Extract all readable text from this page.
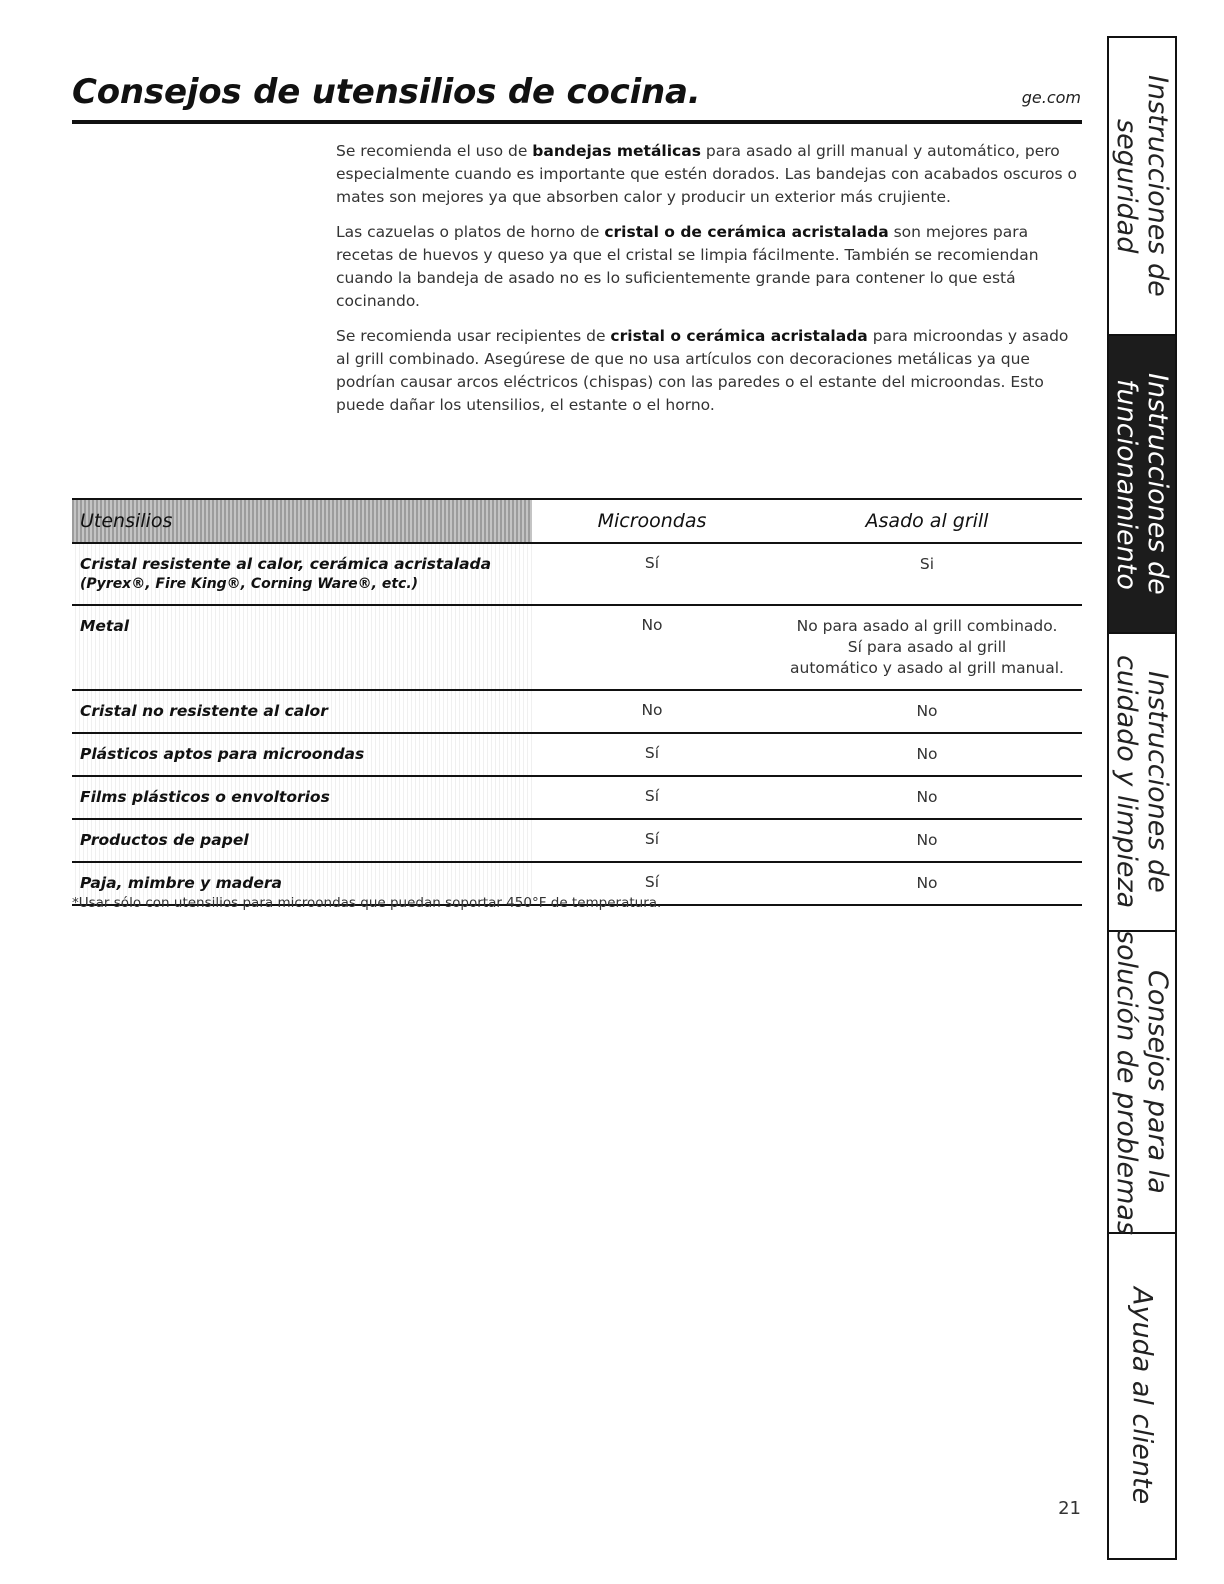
Consejos de utensilios de cocina.	ge.com

Se recomienda el uso de bandejas metálicas para asado al grill manual y automático, pero especialmente cuando es importante que estén dorados. Las bandejas con acabados oscuros o mates son mejores ya que absorben calor y producir un exterior más crujiente.

Las cazuelas o platos de horno de cristal o de cerámica acristalada son mejores para recetas de huevos y queso ya que el cristal se limpia fácilmente. También se recomiendan cuando la bandeja de asado no es lo suficientemente grande para contener lo que está cocinando.

Se recomienda usar recipientes de cristal o cerámica acristalada para microondas y asado al grill combinado. Asegúrese de que no usa artículos con decoraciones metálicas ya que podrían causar arcos eléctricos (chispas) con las paredes o el estante del microondas. Esto puede dañar los utensilios, el estante o el horno.

Utensilios	Microondas	Asado al grill

Cristal resistente al calor, cerámica acristalada
(Pyrex®, Fire King®, Corning Ware®, etc.)	Sí	Si

Metal	No	No para asado al grill combinado.
Sí para asado al grill
automático y asado al grill manual.

Cristal no resistente al calor	No	No

Plásticos aptos para microondas	Sí	No

Films plásticos o envoltorios	Sí	No

Productos de papel	Sí	No

Paja, mimbre y madera	Sí	No
*Usar sólo con utensilios para microondas que puedan soportar 450°F de temperatura.
21
Instrucciones de
seguridad
Instrucciones de
funcionamiento
Instrucciones de
cuidado y limpieza
Consejos para la
solución de problemas
Ayuda al cliente
